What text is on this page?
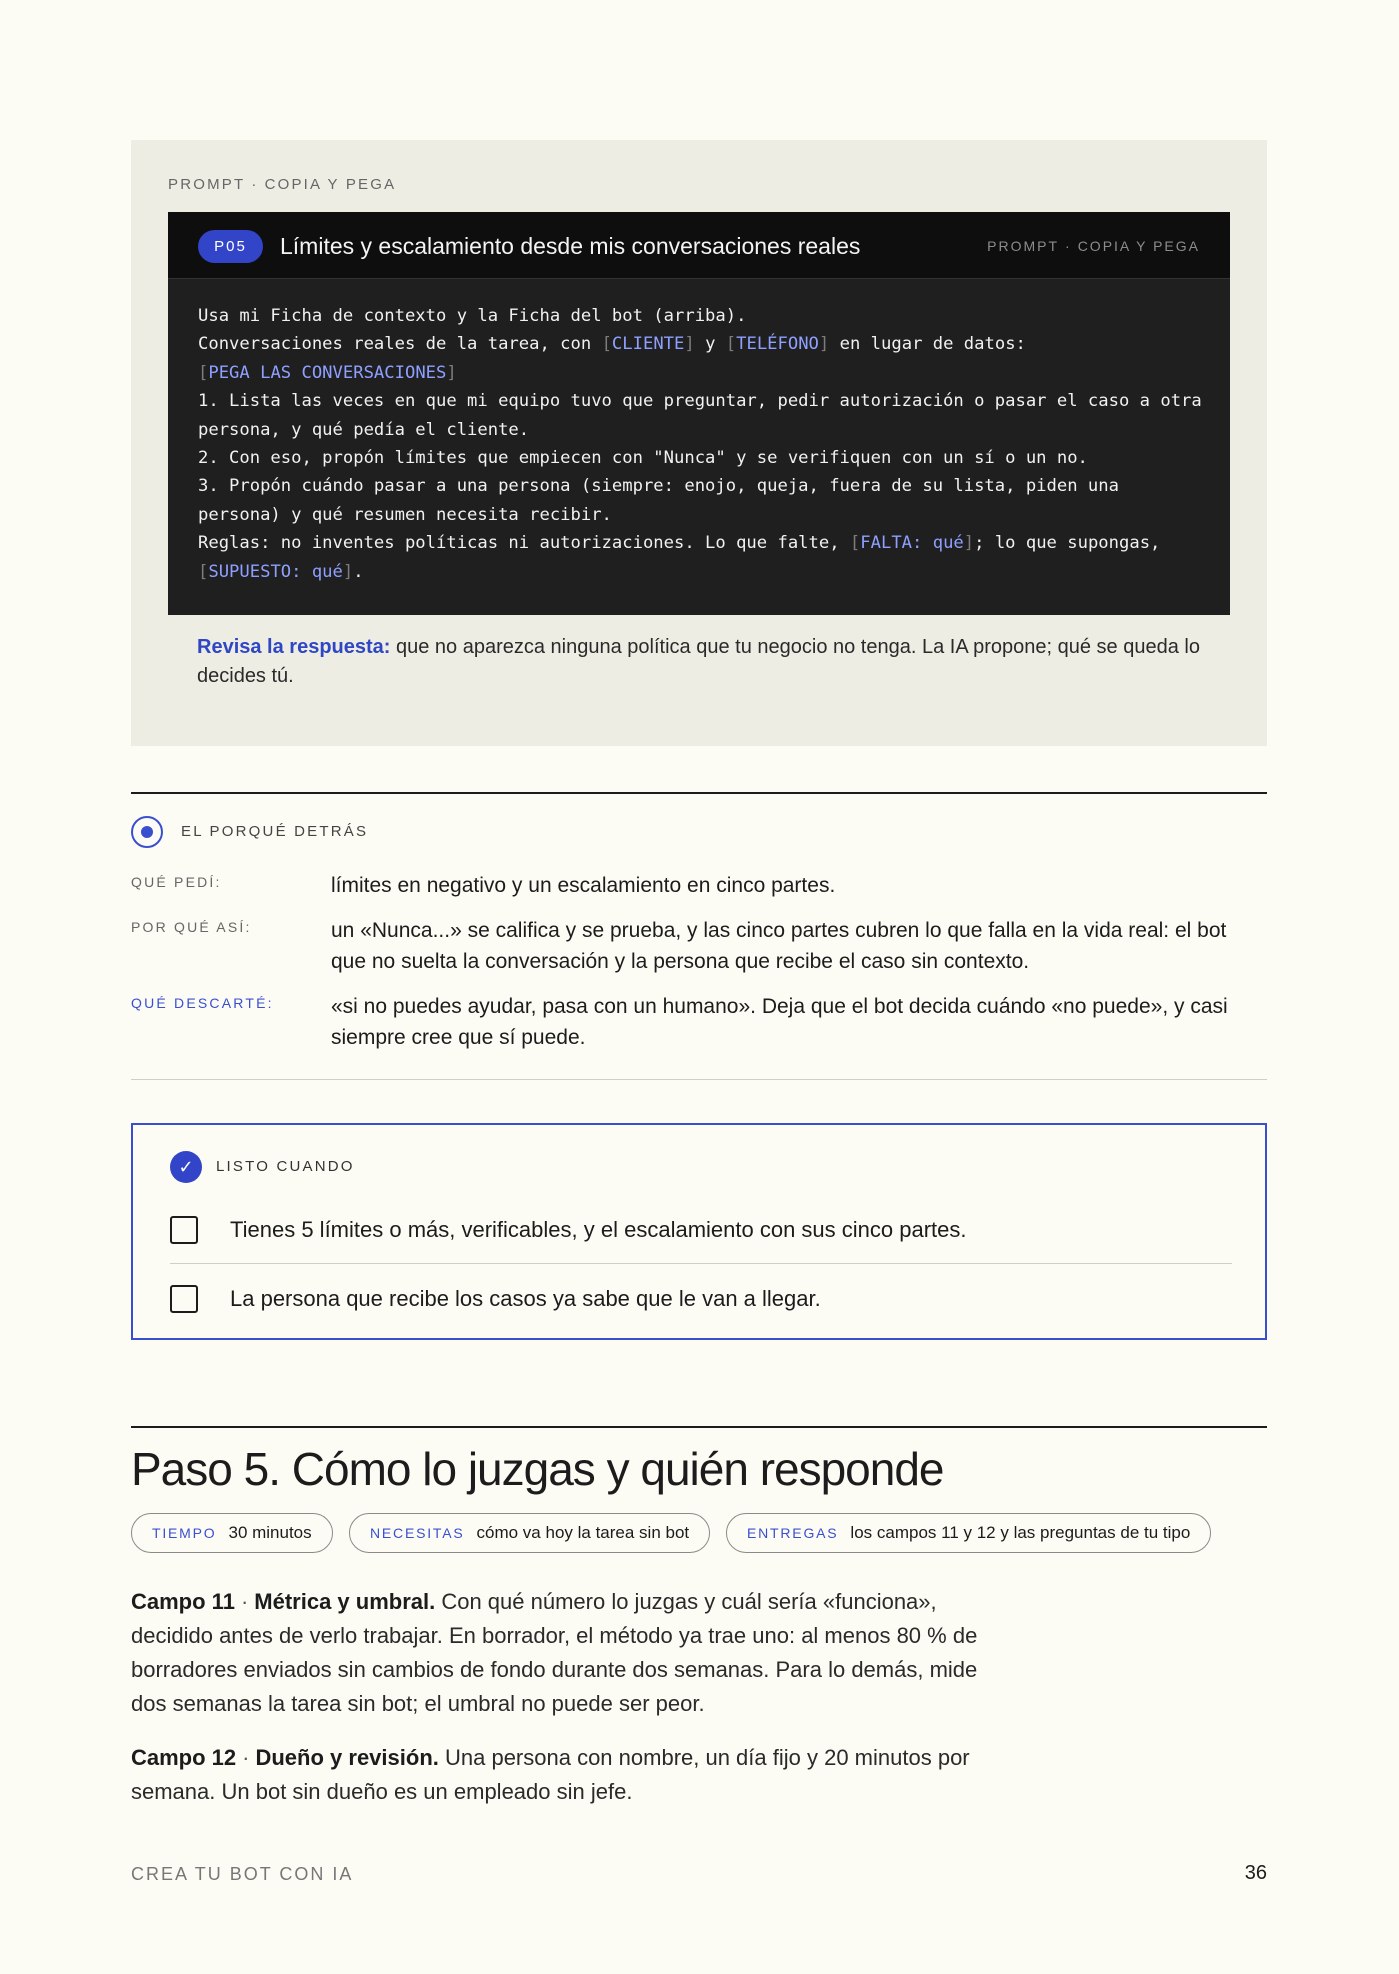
PROMPT · COPIA Y PEGA
P05	Límites y escalamiento desde mis conversaciones reales	PROMPT · COPIA Y PEGA
Usa mi Ficha de contexto y la Ficha del bot (arriba).
Conversaciones reales de la tarea, con [CLIENTE] y [TELÉFONO] en lugar de datos:
[PEGA LAS CONVERSACIONES]
1. Lista las veces en que mi equipo tuvo que preguntar, pedir autorización o pasar el caso a otra persona, y qué pedía el cliente.
2. Con eso, propón límites que empiecen con "Nunca" y se verifiquen con un sí o un no.
3. Propón cuándo pasar a una persona (siempre: enojo, queja, fuera de su lista, piden una persona) y qué resumen necesita recibir.
Reglas: no inventes políticas ni autorizaciones. Lo que falte, [FALTA: qué]; lo que supongas, [SUPUESTO: qué].
Revisa la respuesta: que no aparezca ninguna política que tu negocio no tenga. La IA propone; qué se queda lo decides tú.
EL PORQUÉ DETRÁS
QUÉ PEDÍ:	límites en negativo y un escalamiento en cinco partes.
POR QUÉ ASÍ:	un «Nunca...» se califica y se prueba, y las cinco partes cubren lo que falla en la vida real: el bot que no suelta la conversación y la persona que recibe el caso sin contexto.
QUÉ DESCARTÉ:	«si no puedes ayudar, pasa con un humano». Deja que el bot decida cuándo «no puede», y casi siempre cree que sí puede.
✓	LISTO CUANDO
Tienes 5 límites o más, verificables, y el escalamiento con sus cinco partes.
La persona que recibe los casos ya sabe que le van a llegar.
Paso 5. Cómo lo juzgas y quién responde
TIEMPO 30 minutos	NECESITAS cómo va hoy la tarea sin bot	ENTREGAS los campos 11 y 12 y las preguntas de tu tipo
Campo 11 · Métrica y umbral. Con qué número lo juzgas y cuál sería «funciona», decidido antes de verlo trabajar. En borrador, el método ya trae uno: al menos 80 % de borradores enviados sin cambios de fondo durante dos semanas. Para lo demás, mide dos semanas la tarea sin bot; el umbral no puede ser peor.
Campo 12 · Dueño y revisión. Una persona con nombre, un día fijo y 20 minutos por semana. Un bot sin dueño es un empleado sin jefe.
CREA TU BOT CON IA	36
